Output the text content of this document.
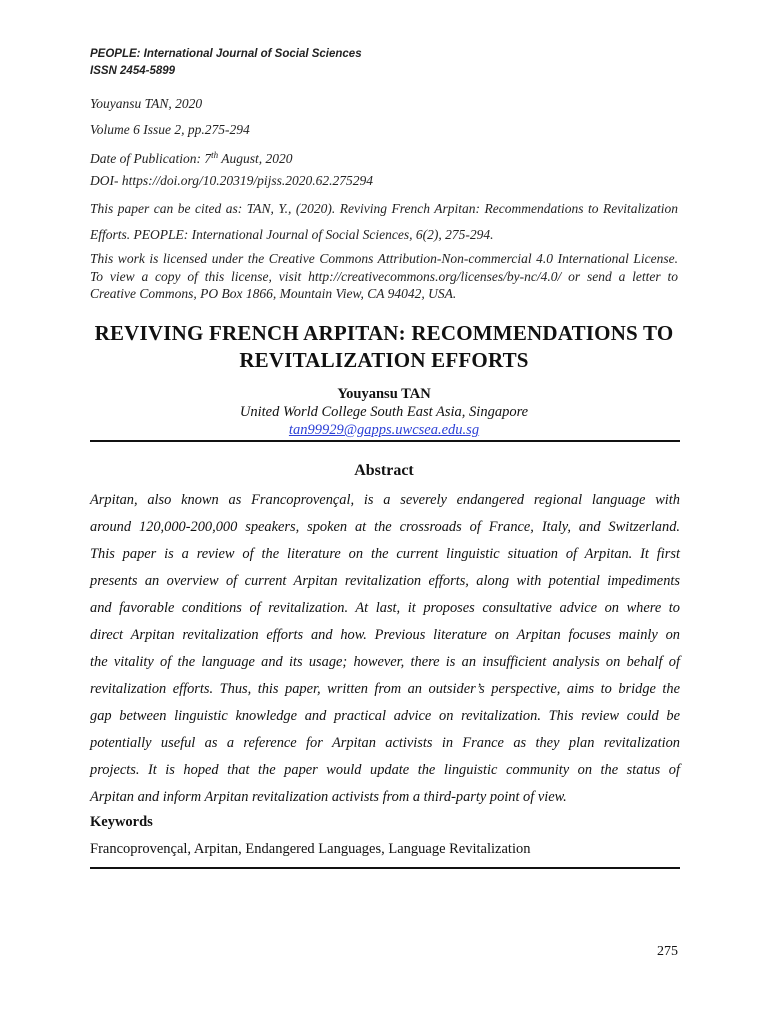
PEOPLE: International Journal of Social Sciences
ISSN 2454-5899
Youyansu TAN, 2020
Volume 6 Issue 2, pp.275-294
Date of Publication: 7th August, 2020
DOI- https://doi.org/10.20319/pijss.2020.62.275294
This paper can be cited as: TAN, Y., (2020). Reviving French Arpitan: Recommendations to Revitalization Efforts. PEOPLE: International Journal of Social Sciences, 6(2), 275-294.
This work is licensed under the Creative Commons Attribution-Non-commercial 4.0 International License. To view a copy of this license, visit http://creativecommons.org/licenses/by-nc/4.0/ or send a letter to Creative Commons, PO Box 1866, Mountain View, CA 94042, USA.
REVIVING FRENCH ARPITAN: RECOMMENDATIONS TO
REVITALIZATION EFFORTS
Youyansu TAN
United World College South East Asia, Singapore
tan99929@gapps.uwcsea.edu.sg
Abstract
Arpitan, also known as Francoprovençal, is a severely endangered regional language with
around 120,000-200,000 speakers, spoken at the crossroads of France, Italy, and Switzerland.
This paper is a review of the literature on the current linguistic situation of Arpitan. It first
presents an overview of current Arpitan revitalization efforts, along with potential impediments
and favorable conditions of revitalization. At last, it proposes consultative advice on where to
direct Arpitan revitalization efforts and how. Previous literature on Arpitan focuses mainly on
the vitality of the language and its usage; however, there is an insufficient analysis on behalf of
revitalization efforts. Thus, this paper, written from an outsider’s perspective, aims to bridge the
gap between linguistic knowledge and practical advice on revitalization. This review could be
potentially useful as a reference for Arpitan activists in France as they plan revitalization
projects. It is hoped that the paper would update the linguistic community on the status of
Arpitan and inform Arpitan revitalization activists from a third-party point of view.
Keywords
Francoprovençal, Arpitan, Endangered Languages, Language Revitalization
275
